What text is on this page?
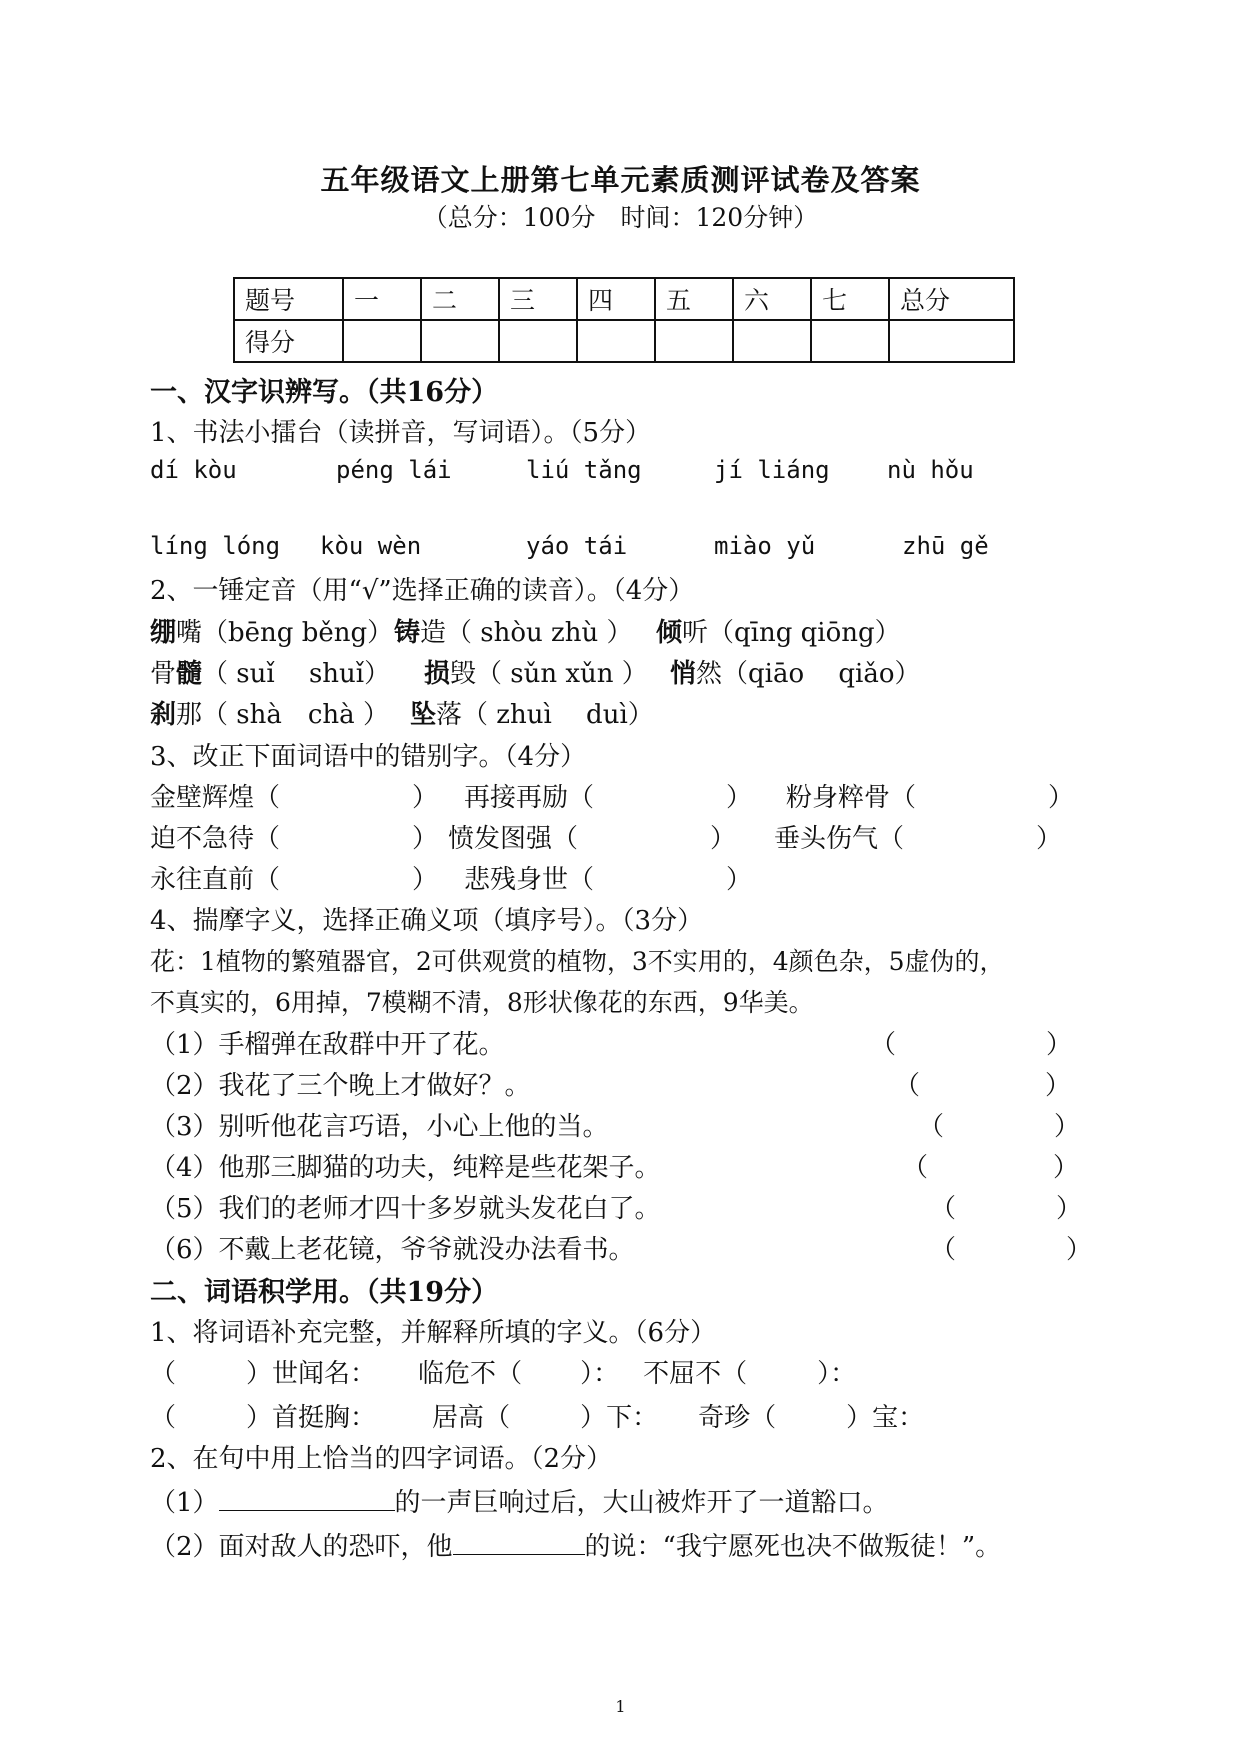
五年级语文上册第七单元素质测评试卷及答案
（总分：100分　时间：120分钟）
题号	一	二	三	四	五	六	七	总分
得分								
一、汉字识辨写。（共16分）
1、书法小擂台（读拼音，写词语）。（5分）
dí kòu	péng lái	liú tǎng	jí liáng nù hǒu
líng lóng kòu wèn	yáo tái	miào yǔ	zhū gě
2、一锤定音（用“√”选择正确的读音）。（4分）
绷嘴（bēng běng） 铸造（ shòu zhù ） 倾听（qīng qiōng）
骨髓（ suǐ　 shuǐ） 损毁（ sǔn xǔn ） 悄然（qiāo　 qiǎo）
刹那（ shà　chà ） 坠落（ zhuì　 duì）
3、改正下面词语中的错别字。（4分）
金壁辉煌（	） 再接再励（	） 粉身粹骨（	）
迫不急待（	） 愤发图强（	） 垂头伤气（	）
永往直前（	） 悲残身世（	）
4、揣摩字义，选择正确义项（填序号）。（3分）
花：1植物的繁殖器官，2可供观赏的植物，3不实用的，4颜色杂，5虚伪的，
不真实的，6用掉，7模糊不清，8形状像花的东西，9华美。
（1）手榴弹在敌群中开了花。	（	）
（2）我花了三个晚上才做好？。	（	）
（3）别听他花言巧语，小心上他的当。	（	）
（4）他那三脚猫的功夫，纯粹是些花架子。	（	）
（5）我们的老师才四十多岁就头发花白了。	（	）
（6）不戴上老花镜，爷爷就没办法看书。	（	）
二、词语积学用。（共19分）
1、将词语补充完整，并解释所填的字义。（6分）
（	）世闻名： 临危不（ ）： 不屈不（	）：
（	）首挺胸： 居高（	）下： 奇珍（	）宝：
2、在句中用上恰当的四字词语。（2分）
（1）	的一声巨响过后，大山被炸开了一道豁口。
（2）面对敌人的恐吓，他	的说：“我宁愿死也决不做叛徒！”。
1
